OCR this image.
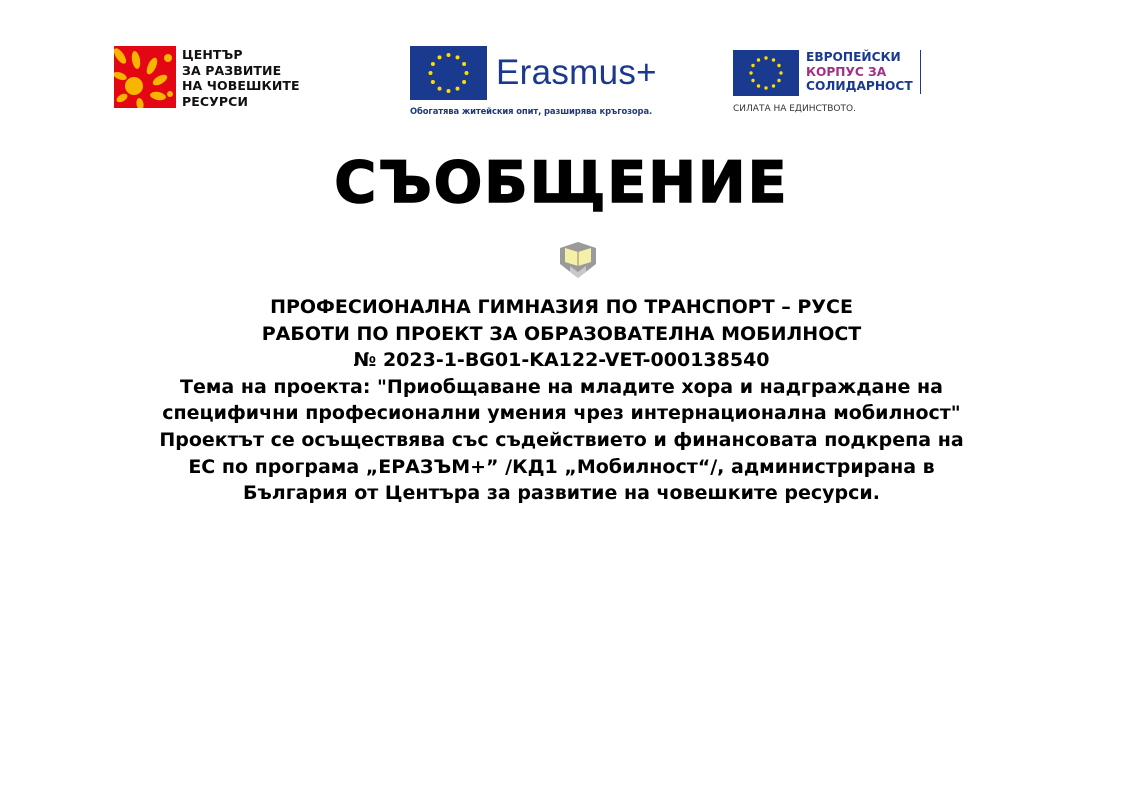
ЦЕНТЪР
ЗА РАЗВИТИЕ
НА ЧОВЕШКИТЕ
РЕСУРСИ
Erasmus+
Обогатява житейския опит, разширява кръгозора.
ЕВРОПЕЙСКИ
КОРПУС ЗА
СОЛИДАРНОСТ
СИЛАТА НА ЕДИНСТВОТО.
СЪОБЩЕНИЕ
ПРОФЕСИОНАЛНА ГИМНАЗИЯ ПО ТРАНСПОРТ – РУСЕ
РАБОТИ ПО ПРОЕКТ ЗА ОБРАЗОВАТЕЛНА МОБИЛНОСТ
№ 2023-1-BG01-KA122-VET-000138540
Тема на проекта: "Приобщаване на младите хора и надграждане на
специфични професионални умения чрез интернационална мобилност"
Проектът се осъществява със съдействието и финансовата подкрепа на
ЕС по програма „ЕРАЗЪМ+” /КД1 „Мобилност“/, администрирана в
България от Центъра за развитие на човешките ресурси.
